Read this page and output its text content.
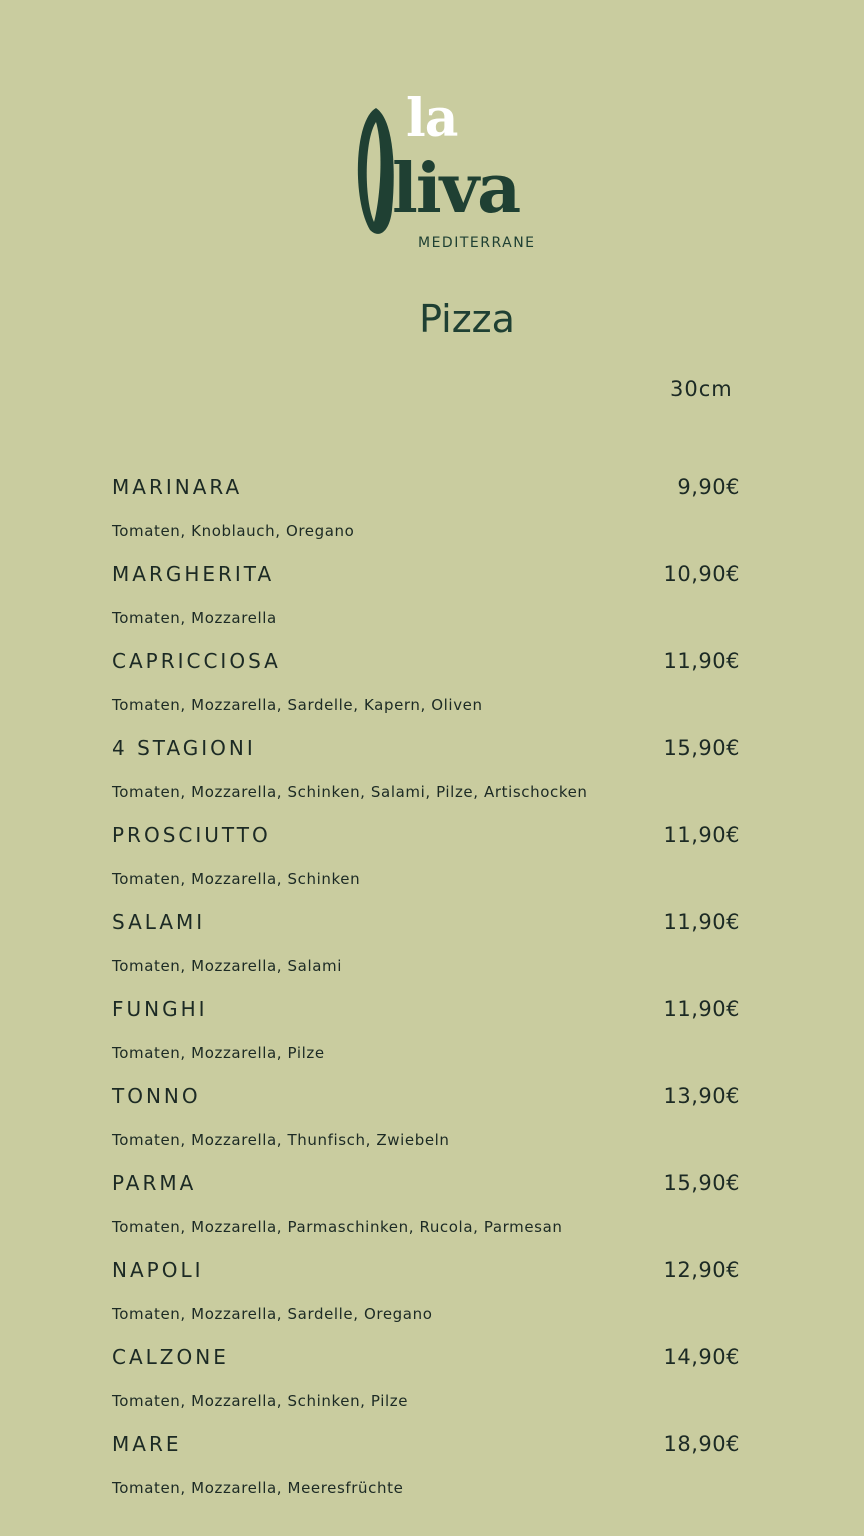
la
liva
MEDITERRANE
Pizza
30cm
MARINARA	9,90€
Tomaten, Knoblauch, Oregano
MARGHERITA	10,90€
Tomaten, Mozzarella
CAPRICCIOSA	11,90€
Tomaten, Mozzarella, Sardelle, Kapern, Oliven
4 STAGIONI	15,90€
Tomaten, Mozzarella, Schinken, Salami, Pilze, Artischocken
PROSCIUTTO	11,90€
Tomaten, Mozzarella, Schinken
SALAMI	11,90€
Tomaten, Mozzarella, Salami
FUNGHI	11,90€
Tomaten, Mozzarella, Pilze
TONNO	13,90€
Tomaten, Mozzarella, Thunfisch, Zwiebeln
PARMA	15,90€
Tomaten, Mozzarella, Parmaschinken, Rucola, Parmesan
NAPOLI	12,90€
Tomaten, Mozzarella, Sardelle, Oregano
CALZONE	14,90€
Tomaten, Mozzarella, Schinken, Pilze
MARE	18,90€
Tomaten, Mozzarella, Meeresfrüchte
